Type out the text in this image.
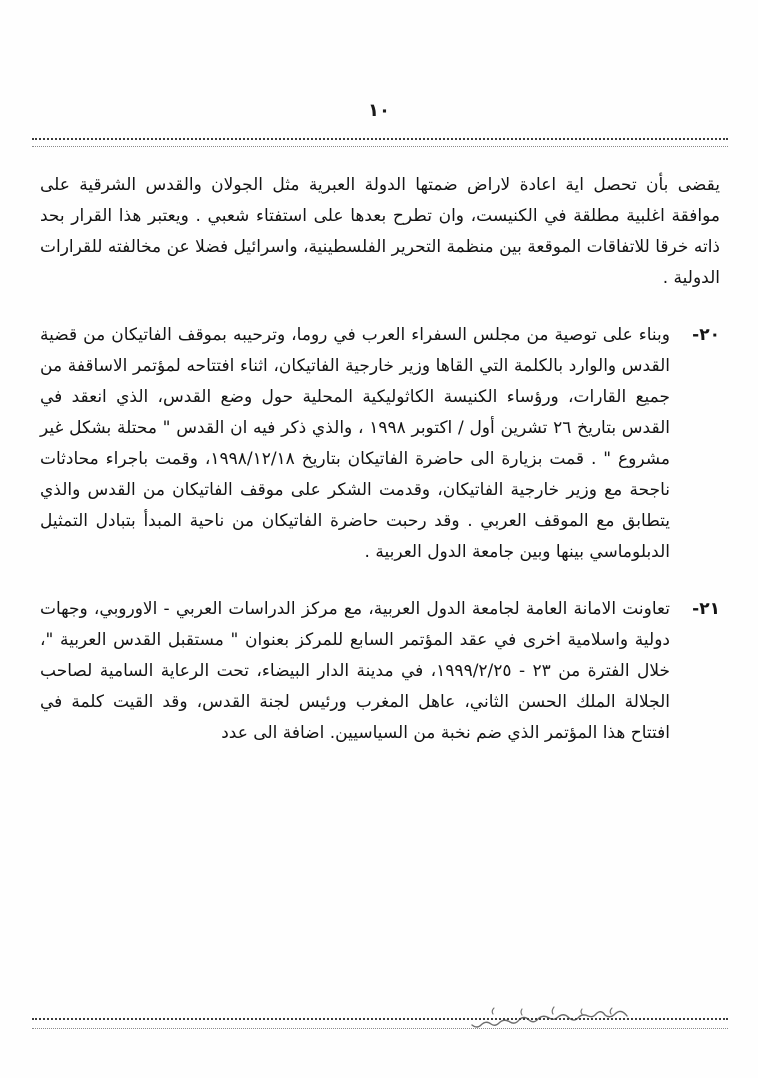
١٠

يقضى بأن تحصل اية اعادة لاراض ضمتها الدولة العبرية مثل الجولان والقدس الشرقية على موافقة اغلبية مطلقة في الكنيست، وان تطرح بعدها على استفتاء شعبي . ويعتبر هذا القرار بحد ذاته خرقا للاتفاقات الموقعة بين منظمة التحرير الفلسطينية، واسرائيل فضلا عن مخالفته للقرارات الدولية .

٢٠-
وبناء على توصية من مجلس السفراء العرب في روما، وترحيبه بموقف الفاتيكان من قضية القدس والوارد بالكلمة التي القاها وزير خارجية الفاتيكان، اثناء افتتاحه لمؤتمر الاساقفة من جميع القارات، ورؤساء الكنيسة الكاثوليكية المحلية حول وضع القدس، الذي انعقد في القدس بتاريخ ٢٦ تشرين أول / اكتوبر ١٩٩٨ ، والذي ذكر فيه ان القدس " محتلة بشكل غير مشروع " . قمت بزيارة الى حاضرة الفاتيكان بتاريخ ١٩٩٨/١٢/١٨، وقمت باجراء محادثات ناجحة مع وزير خارجية الفاتيكان، وقدمت الشكر على موقف الفاتيكان من القدس والذي يتطابق مع الموقف العربي . وقد رحبت حاضرة الفاتيكان من ناحية المبدأ بتبادل التمثيل الدبلوماسي بينها وبين جامعة الدول العربية .

٢١-
تعاونت الامانة العامة لجامعة الدول العربية، مع مركز الدراسات العربي - الاوروبي، وجهات دولية واسلامية اخرى في عقد المؤتمر السابع للمركز بعنوان " مستقبل القدس العربية "، خلال الفترة من ٢٣ - ١٩٩٩/٢/٢٥، في مدينة الدار البيضاء، تحت الرعاية السامية لصاحب الجلالة الملك الحسن الثاني، عاهل المغرب ورئيس لجنة القدس، وقد القيت كلمة في افتتاح هذا المؤتمر الذي ضم نخبة من السياسيين. اضافة الى عدد
